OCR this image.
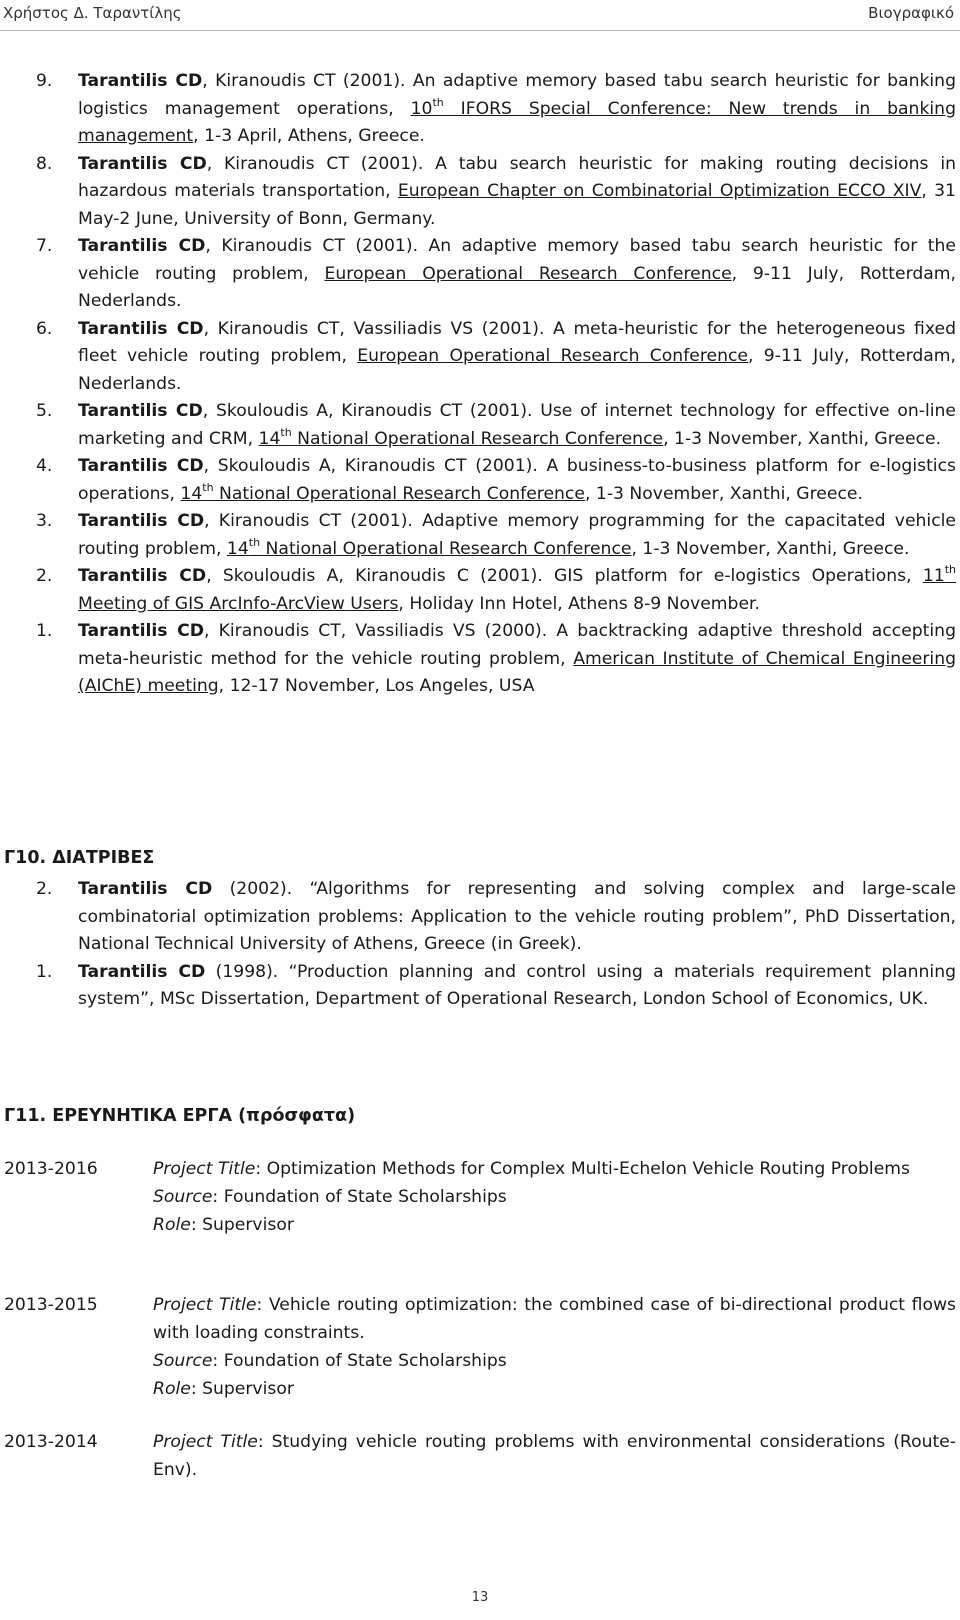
Χρήστος Δ. Ταραντίλης	Βιογραφικό
9. Tarantilis CD, Kiranoudis CT (2001). An adaptive memory based tabu search heuristic for banking logistics management operations, 10th IFORS Special Conference: New trends in banking management, 1-3 April, Athens, Greece.
8. Tarantilis CD, Kiranoudis CT (2001). A tabu search heuristic for making routing decisions in hazardous materials transportation, European Chapter on Combinatorial Optimization ECCO XIV, 31 May-2 June, University of Bonn, Germany.
7. Tarantilis CD, Kiranoudis CT (2001). An adaptive memory based tabu search heuristic for the vehicle routing problem, European Operational Research Conference, 9-11 July, Rotterdam, Nederlands.
6. Tarantilis CD, Kiranoudis CT, Vassiliadis VS (2001). A meta-heuristic for the heterogeneous fixed fleet vehicle routing problem, European Operational Research Conference, 9-11 July, Rotterdam, Nederlands.
5. Tarantilis CD, Skouloudis A, Kiranoudis CT (2001). Use of internet technology for effective on-line marketing and CRM, 14th National Operational Research Conference, 1-3 November, Xanthi, Greece.
4. Tarantilis CD, Skouloudis A, Kiranoudis CT (2001). A business-to-business platform for e-logistics operations, 14th National Operational Research Conference, 1-3 November, Xanthi, Greece.
3. Tarantilis CD, Kiranoudis CT (2001). Adaptive memory programming for the capacitated vehicle routing problem, 14th National Operational Research Conference, 1-3 November, Xanthi, Greece.
2. Tarantilis CD, Skouloudis A, Kiranoudis C (2001). GIS platform for e-logistics Operations, 11th Meeting of GIS ArcInfo-ArcView Users, Holiday Inn Hotel, Athens 8-9 November.
1. Tarantilis CD, Kiranoudis CT, Vassiliadis VS (2000). A backtracking adaptive threshold accepting meta-heuristic method for the vehicle routing problem, American Institute of Chemical Engineering (AIChE) meeting, 12-17 November, Los Angeles, USA
Γ10. ΔΙΑΤΡΙΒΕΣ
2. Tarantilis CD (2002). “Algorithms for representing and solving complex and large-scale combinatorial optimization problems: Application to the vehicle routing problem”, PhD Dissertation, National Technical University of Athens, Greece (in Greek).
1. Tarantilis CD (1998). “Production planning and control using a materials requirement planning system”, MSc Dissertation, Department of Operational Research, London School of Economics, UK.
Γ11. ΕΡΕΥΝΗΤΙΚΑ ΕΡΓΑ (πρόσφατα)
2013-2016	Project Title: Optimization Methods for Complex Multi-Echelon Vehicle Routing Problems
Source: Foundation of State Scholarships
Role: Supervisor
2013-2015	Project Title: Vehicle routing optimization: the combined case of bi-directional product flows with loading constraints.
Source: Foundation of State Scholarships
Role: Supervisor
2013-2014	Project Title: Studying vehicle routing problems with environmental considerations (Route-Env).
13
